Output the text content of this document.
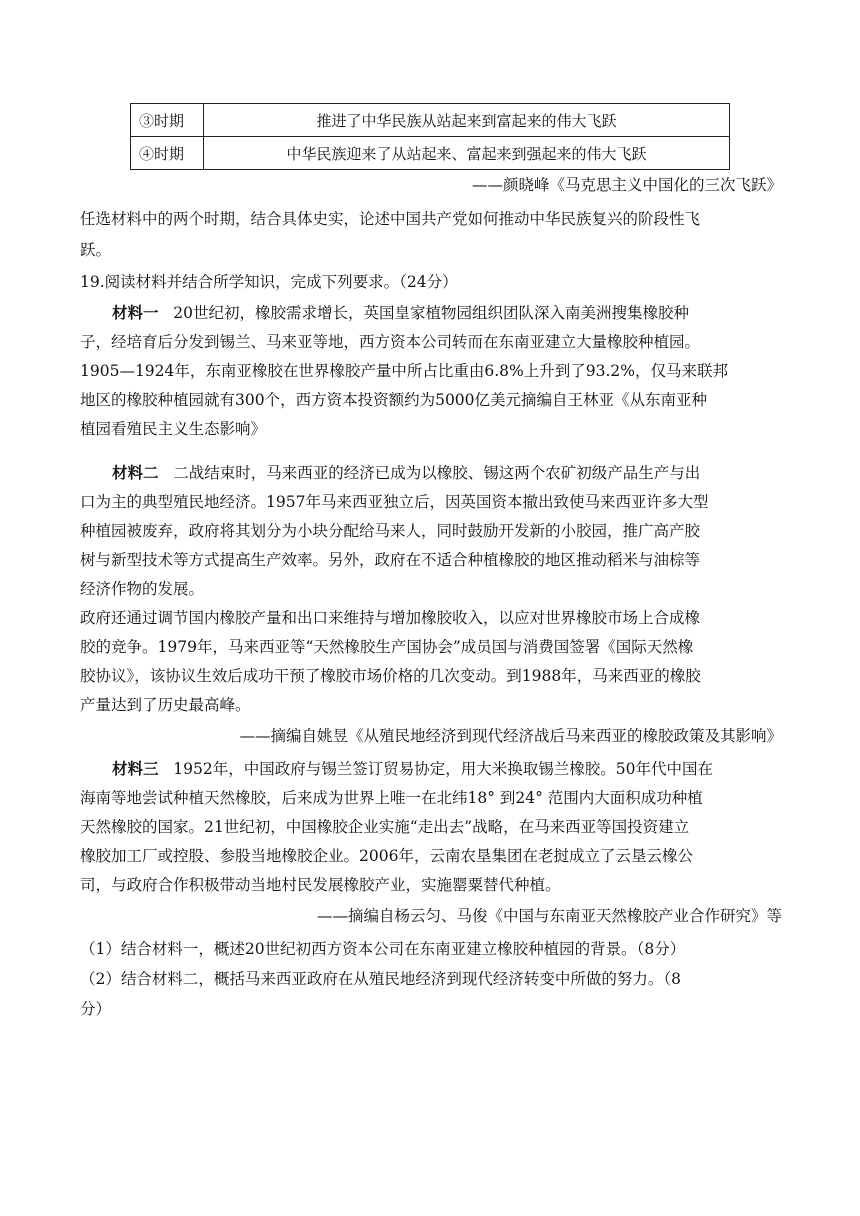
③时期	推进了中华民族从站起来到富起来的伟大飞跃
④时期	中华民族迎来了从站起来、富起来到强起来的伟大飞跃
——颜晓峰《马克思主义中国化的三次飞跃》
任选材料中的两个时期，结合具体史实，论述中国共产党如何推动中华民族复兴的阶段性飞
跃。
19.阅读材料并结合所学知识，完成下列要求。（24分）
材料一 20世纪初，橡胶需求增长，英国皇家植物园组织团队深入南美洲搜集橡胶种
子，经培育后分发到锡兰、马来亚等地，西方资本公司转而在东南亚建立大量橡胶种植园。
1905—1924年，东南亚橡胶在世界橡胶产量中所占比重由6.8%上升到了93.2%，仅马来联邦
地区的橡胶种植园就有300个，西方资本投资额约为5000亿美元摘编自王林亚《从东南亚种
植园看殖民主义生态影响》
材料二 二战结束时，马来西亚的经济已成为以橡胶、锡这两个农矿初级产品生产与出
口为主的典型殖民地经济。1957年马来西亚独立后，因英国资本撤出致使马来西亚许多大型
种植园被废弃，政府将其划分为小块分配给马来人，同时鼓励开发新的小胶园，推广高产胶
树与新型技术等方式提高生产效率。另外，政府在不适合种植橡胶的地区推动稻米与油棕等
经济作物的发展。
政府还通过调节国内橡胶产量和出口来维持与增加橡胶收入，以应对世界橡胶市场上合成橡
胶的竞争。1979年，马来西亚等“天然橡胶生产国协会”成员国与消费国签署《国际天然橡
胶协议》，该协议生效后成功干预了橡胶市场价格的几次变动。到1988年，马来西亚的橡胶
产量达到了历史最高峰。
——摘编自姚昱《从殖民地经济到现代经济战后马来西亚的橡胶政策及其影响》
材料三 1952年，中国政府与锡兰签订贸易协定，用大米换取锡兰橡胶。50年代中国在
海南等地尝试种植天然橡胶，后来成为世界上唯一在北纬18° 到24° 范围内大面积成功种植
天然橡胶的国家。21世纪初，中国橡胶企业实施“走出去”战略，在马来西亚等国投资建立
橡胶加工厂或控股、参股当地橡胶企业。2006年，云南农垦集团在老挝成立了云垦云橡公
司，与政府合作积极带动当地村民发展橡胶产业，实施罂粟替代种植。
——摘编自杨云匀、马俊《中国与东南亚天然橡胶产业合作研究》等
（1）结合材料一，概述20世纪初西方资本公司在东南亚建立橡胶种植园的背景。（8分）
（2）结合材料二，概括马来西亚政府在从殖民地经济到现代经济转变中所做的努力。（8
分）
